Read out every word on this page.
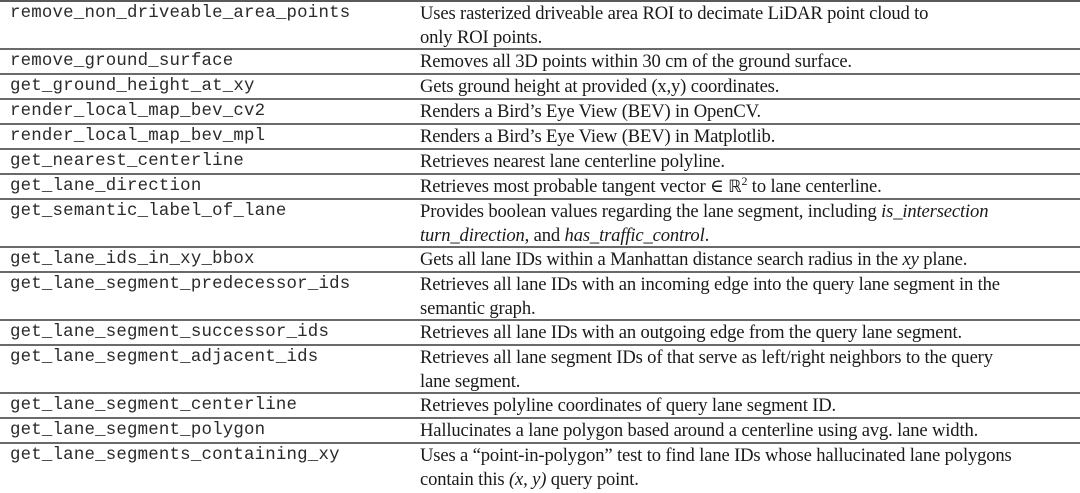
remove_non_driveable_area_points	Uses rasterized driveable area ROI to decimate LiDAR point cloud to
only ROI points.
remove_ground_surface	Removes all 3D points within 30 cm of the ground surface.
get_ground_height_at_xy	Gets ground height at provided (x,y) coordinates.
render_local_map_bev_cv2	Renders a Bird’s Eye View (BEV) in OpenCV.
render_local_map_bev_mpl	Renders a Bird’s Eye View (BEV) in Matplotlib.
get_nearest_centerline	Retrieves nearest lane centerline polyline.
get_lane_direction	Retrieves most probable tangent vector ∈ ℝ$^2$ to lane centerline.
get_semantic_label_of_lane	Provides boolean values regarding the lane segment, including is_intersection
turn_direction, and has_traffic_control.
get_lane_ids_in_xy_bbox	Gets all lane IDs within a Manhattan distance search radius in the xy plane.
get_lane_segment_predecessor_ids	Retrieves all lane IDs with an incoming edge into the query lane segment in the
semantic graph.
get_lane_segment_successor_ids	Retrieves all lane IDs with an outgoing edge from the query lane segment.
get_lane_segment_adjacent_ids	Retrieves all lane segment IDs of that serve as left/right neighbors to the query
lane segment.
get_lane_segment_centerline	Retrieves polyline coordinates of query lane segment ID.
get_lane_segment_polygon	Hallucinates a lane polygon based around a centerline using avg. lane width.
get_lane_segments_containing_xy	Uses a “point-in-polygon” test to find lane IDs whose hallucinated lane polygons
contain this (x, y) query point.
